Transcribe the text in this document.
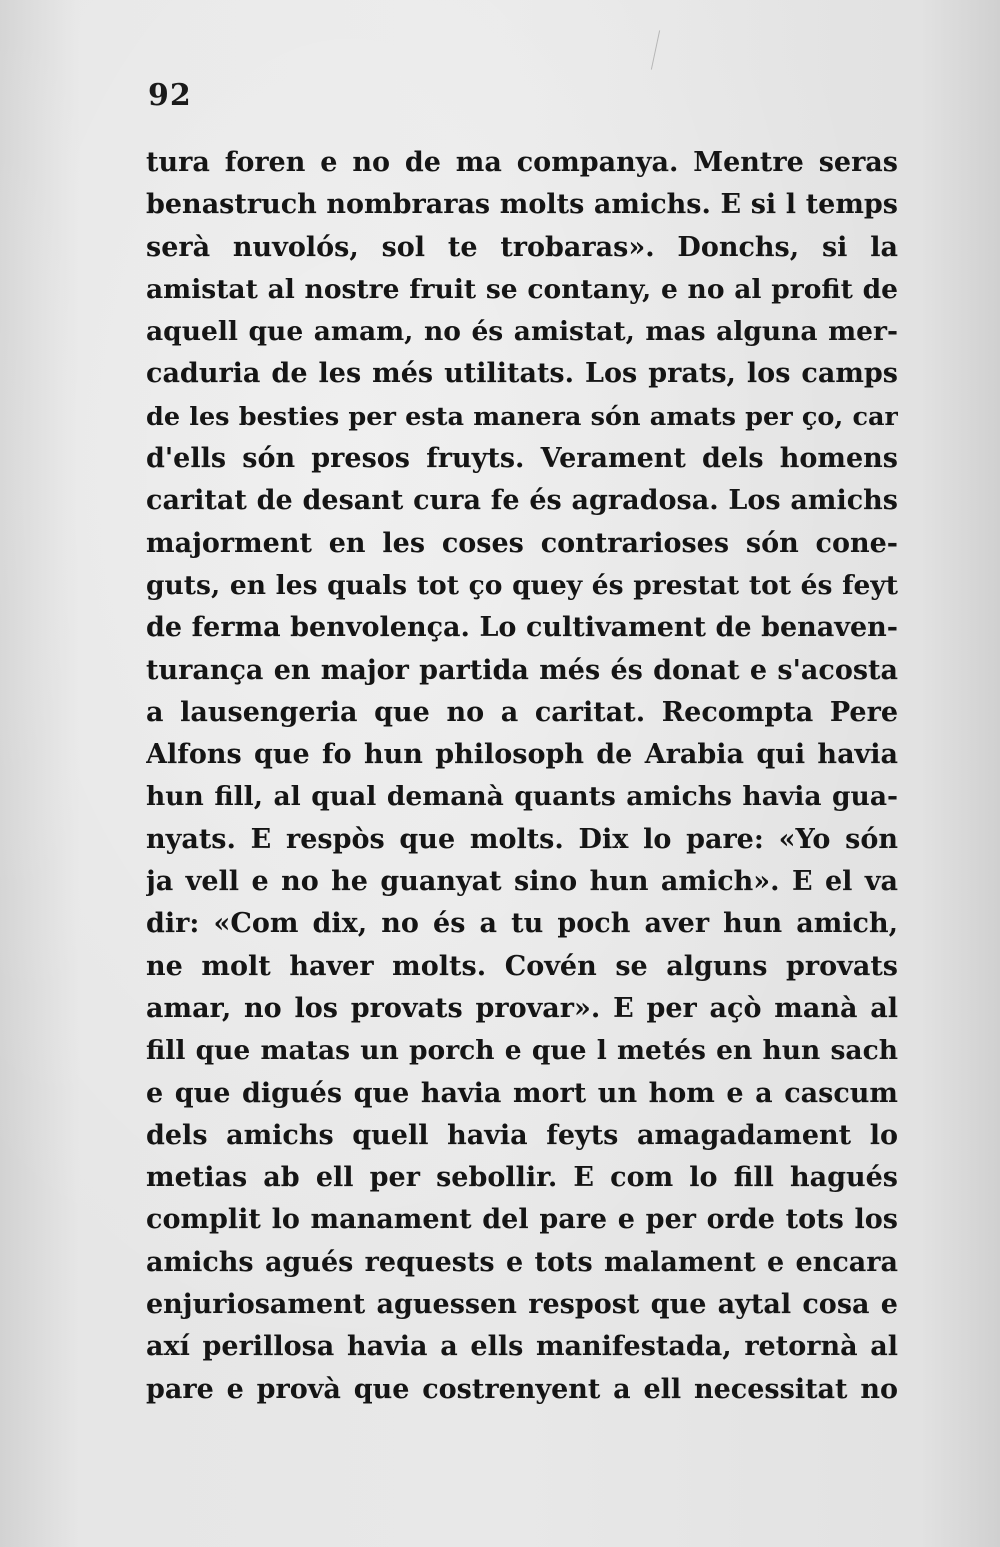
92
tura foren e no de ma companya. Mentre seras
benastruch nombraras molts amichs. E si l temps
serà nuvolós, sol te trobaras». Donchs, si la
amistat al nostre fruit se contany, e no al profit de
aquell que amam, no és amistat, mas alguna mer-
caduria de les més utilitats. Los prats, los camps
de les besties per esta manera són amats per ço, car
d'ells són presos fruyts. Verament dels homens
caritat de desant cura fe és agradosa. Los amichs
majorment en les coses contrarioses són cone-
guts, en les quals tot ço quey és prestat tot és feyt
de ferma benvolença. Lo cultivament de benaven-
turança en major partida més és donat e s'acosta
a lausengeria que no a caritat. Recompta Pere
Alfons que fo hun philosoph de Arabia qui havia
hun fill, al qual demanà quants amichs havia gua-
nyats. E respòs que molts. Dix lo pare: «Yo són
ja vell e no he guanyat sino hun amich». E el va
dir: «Com dix, no és a tu poch aver hun amich,
ne molt haver molts. Covén se alguns provats
amar, no los provats provar». E per açò manà al
fill que matas un porch e que l metés en hun sach
e que digués que havia mort un hom e a cascum
dels amichs quell havia feyts amagadament lo
metias ab ell per sebollir. E com lo fill hagués
complit lo manament del pare e per orde tots los
amichs agués requests e tots malament e encara
enjuriosament aguessen respost que aytal cosa e
axí perillosa havia a ells manifestada, retornà al
pare e provà que costrenyent a ell necessitat no
